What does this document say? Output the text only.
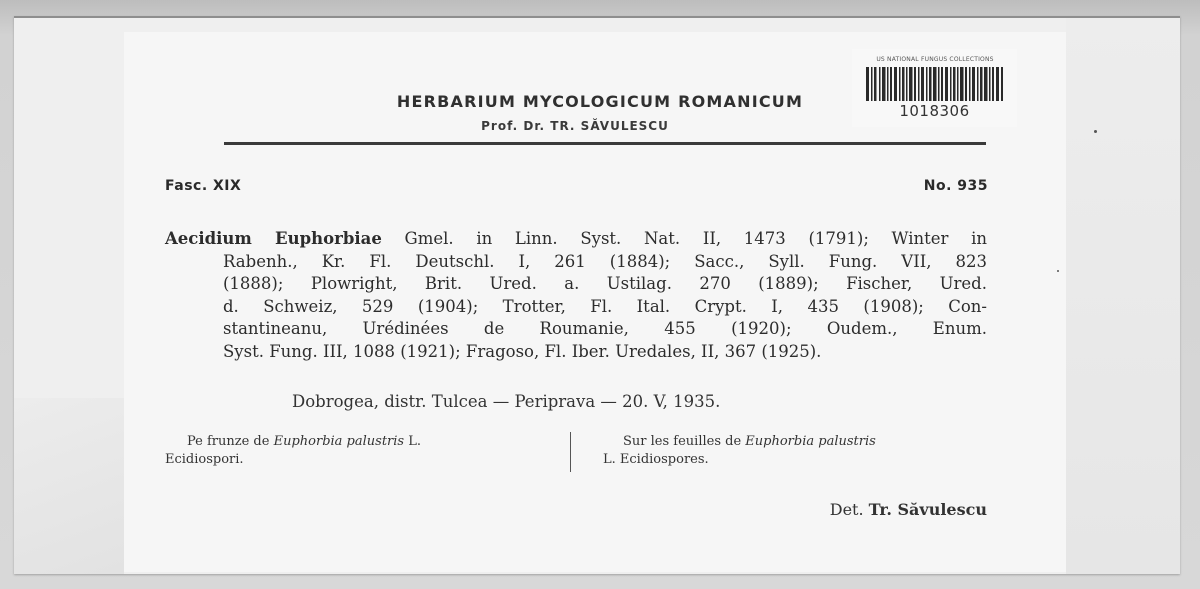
HERBARIUM MYCOLOGICUM ROMANICUM
Prof. Dr. TR. SĂVULESCU
US NATIONAL FUNGUS COLLECTIONS
1018306
Fasc. XIX	No. 935
Aecidium Euphorbiae Gmel. in Linn. Syst. Nat. II, 1473 (1791); Winter in
Rabenh., Kr. Fl. Deutschl. I, 261 (1884); Sacc., Syll. Fung. VII, 823
(1888); Plowright, Brit. Ured. a. Ustilag. 270 (1889); Fischer, Ured.
d. Schweiz, 529 (1904); Trotter, Fl. Ital. Crypt. I, 435 (1908); Con-
stantineanu, Urédinées de Roumanie, 455 (1920); Oudem., Enum.
Syst. Fung. III, 1088 (1921); Fragoso, Fl. Iber. Uredales, II, 367 (1925).
Dobrogea, distr. Tulcea — Periprava — 20. V, 1935.
Pe frunze de Euphorbia palustris L.
Ecidiospori.
Sur les feuilles de Euphorbia palustris
L. Ecidiospores.
Det. Tr. Săvulescu
